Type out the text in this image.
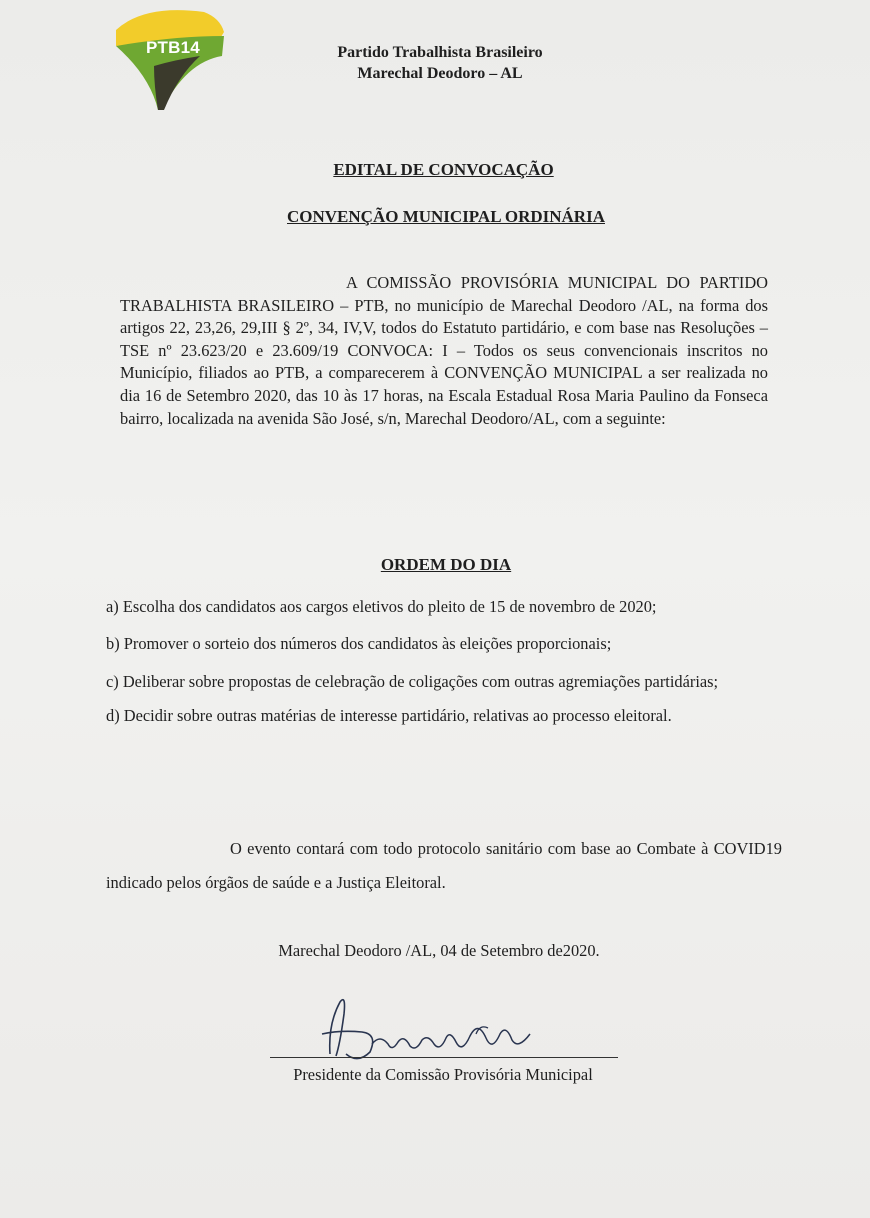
PTB14	Partido Trabalhista Brasileiro
Marechal Deodoro – AL
EDITAL DE CONVOCAÇÃO
CONVENÇÃO MUNICIPAL ORDINÁRIA
A COMISSÃO PROVISÓRIA MUNICIPAL DO PARTIDO TRABALHISTA BRASILEIRO – PTB, no município de Marechal Deodoro /AL, na forma dos artigos 22, 23,26, 29,III § 2º, 34, IV,V, todos do Estatuto partidário, e com base nas Resoluções –TSE nº 23.623/20 e 23.609/19 CONVOCA: I – Todos os seus convencionais inscritos no Município, filiados ao PTB, a comparecerem à CONVENÇÃO MUNICIPAL a ser realizada no dia 16 de Setembro 2020, das 10 às 17 horas, na Escala Estadual Rosa Maria Paulino da Fonseca bairro, localizada na avenida São José, s/n, Marechal Deodoro/AL, com a seguinte:
ORDEM DO DIA
a) Escolha dos candidatos aos cargos eletivos do pleito de 15 de novembro de 2020;
b) Promover o sorteio dos números dos candidatos às eleições proporcionais;
c) Deliberar sobre propostas de celebração de coligações com outras agremiações partidárias;
d) Decidir sobre outras matérias de interesse partidário, relativas ao processo eleitoral.
O evento contará com todo protocolo sanitário com base ao Combate à COVID19 indicado pelos órgãos de saúde e a Justiça Eleitoral.
Marechal Deodoro /AL, 04 de Setembro de2020.
Presidente da Comissão Provisória Municipal
